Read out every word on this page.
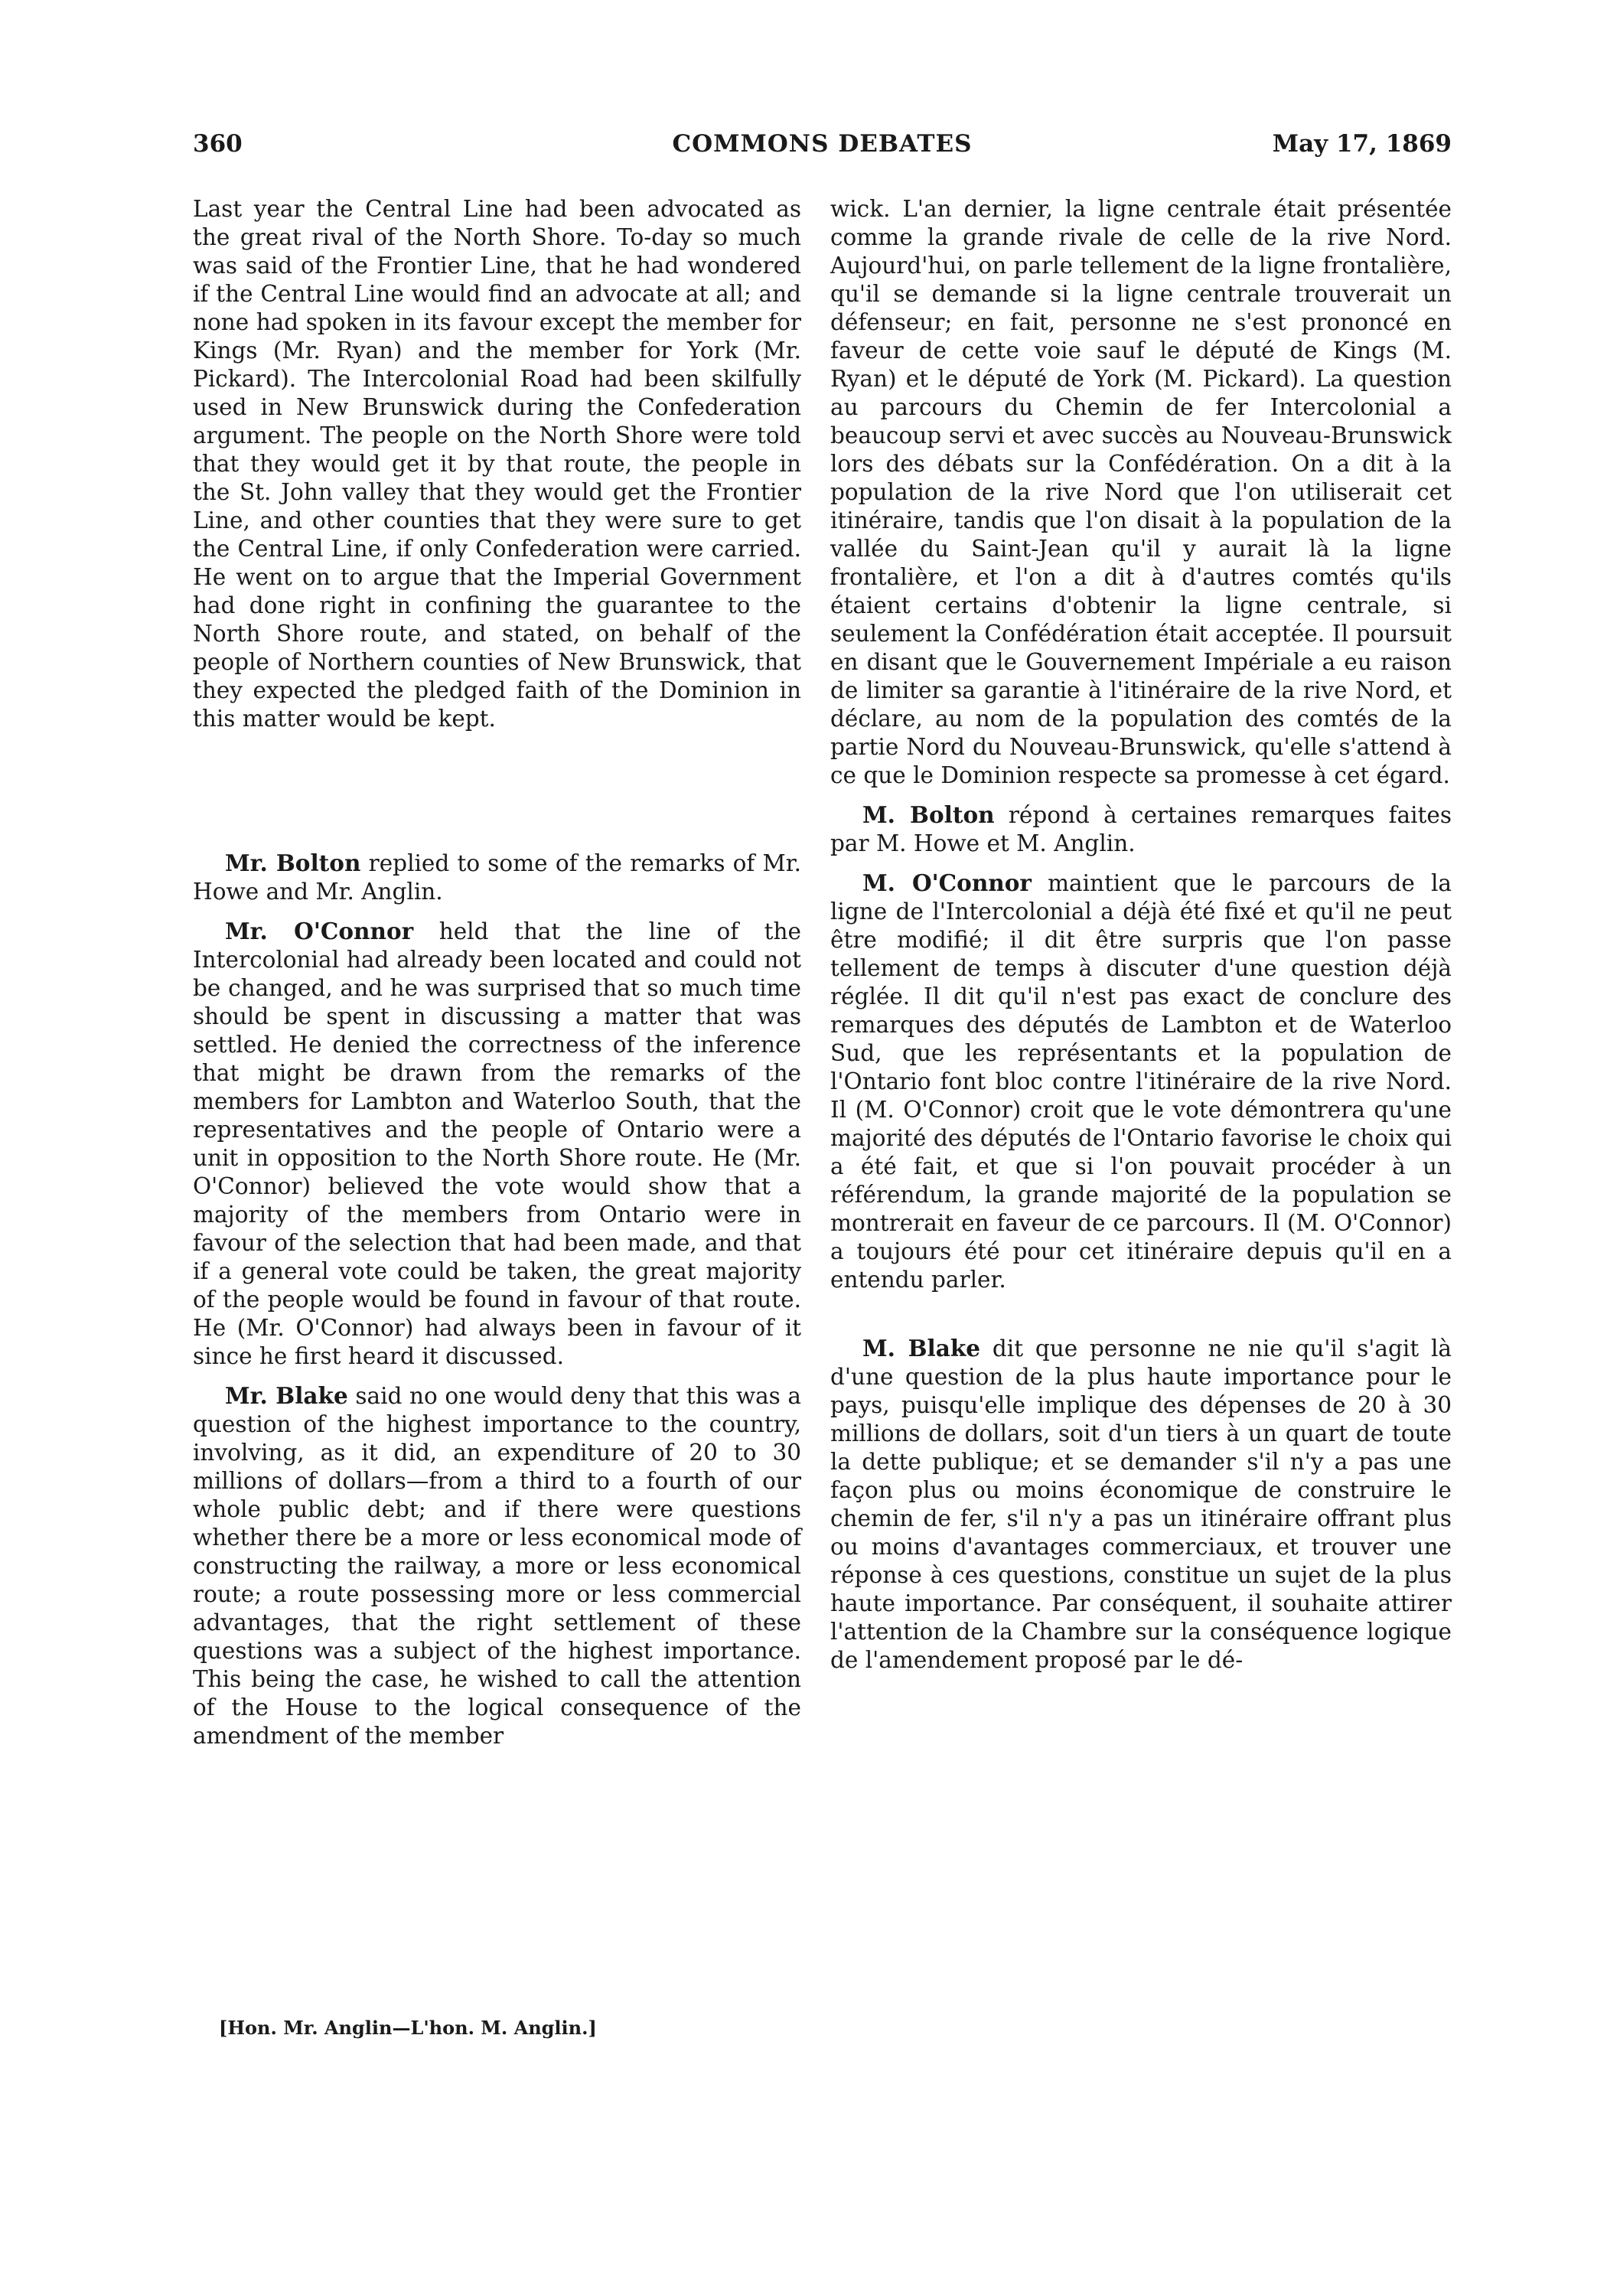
360	COMMONS DEBATES	May 17, 1869

Last year the Central Line had been advocated as the great rival of the North Shore. To-day so much was said of the Frontier Line, that he had wondered if the Central Line would find an advocate at all; and none had spoken in its favour except the member for Kings (Mr. Ryan) and the member for York (Mr. Pickard). The Intercolonial Road had been skilfully used in New Brunswick during the Confederation argument. The people on the North Shore were told that they would get it by that route, the people in the St. John valley that they would get the Frontier Line, and other counties that they were sure to get the Central Line, if only Confederation were carried. He went on to argue that the Imperial Government had done right in confining the guarantee to the North Shore route, and stated, on behalf of the people of Northern counties of New Brunswick, that they expected the pledged faith of the Dominion in this matter would be kept.

Mr. Bolton replied to some of the remarks of Mr. Howe and Mr. Anglin.

Mr. O'Connor held that the line of the Intercolonial had already been located and could not be changed, and he was surprised that so much time should be spent in discussing a matter that was settled. He denied the correctness of the inference that might be drawn from the remarks of the members for Lambton and Waterloo South, that the representatives and the people of Ontario were a unit in opposition to the North Shore route. He (Mr. O'Connor) believed the vote would show that a majority of the members from Ontario were in favour of the selection that had been made, and that if a general vote could be taken, the great majority of the people would be found in favour of that route. He (Mr. O'Connor) had always been in favour of it since he first heard it discussed.

Mr. Blake said no one would deny that this was a question of the highest importance to the country, involving, as it did, an expenditure of 20 to 30 millions of dollars—from a third to a fourth of our whole public debt; and if there were questions whether there be a more or less economical mode of constructing the railway, a more or less economical route; a route possessing more or less commercial advantages, that the right settlement of these questions was a subject of the highest importance. This being the case, he wished to call the attention of the House to the logical consequence of the amendment of the member

wick. L'an dernier, la ligne centrale était présentée comme la grande rivale de celle de la rive Nord. Aujourd'hui, on parle tellement de la ligne frontalière, qu'il se demande si la ligne centrale trouverait un défenseur; en fait, personne ne s'est prononcé en faveur de cette voie sauf le député de Kings (M. Ryan) et le député de York (M. Pickard). La question au parcours du Chemin de fer Intercolonial a beaucoup servi et avec succès au Nouveau-Brunswick lors des débats sur la Confédération. On a dit à la population de la rive Nord que l'on utiliserait cet itinéraire, tandis que l'on disait à la population de la vallée du Saint-Jean qu'il y aurait là la ligne frontalière, et l'on a dit à d'autres comtés qu'ils étaient certains d'obtenir la ligne centrale, si seulement la Confédération était acceptée. Il poursuit en disant que le Gouvernement Impériale a eu raison de limiter sa garantie à l'itinéraire de la rive Nord, et déclare, au nom de la population des comtés de la partie Nord du Nouveau-Brunswick, qu'elle s'attend à ce que le Dominion respecte sa promesse à cet égard.

M. Bolton répond à certaines remarques faites par M. Howe et M. Anglin.

M. O'Connor maintient que le parcours de la ligne de l'Intercolonial a déjà été fixé et qu'il ne peut être modifié; il dit être surpris que l'on passe tellement de temps à discuter d'une question déjà réglée. Il dit qu'il n'est pas exact de conclure des remarques des députés de Lambton et de Waterloo Sud, que les représentants et la population de l'Ontario font bloc contre l'itinéraire de la rive Nord. Il (M. O'Connor) croit que le vote démontrera qu'une majorité des députés de l'Ontario favorise le choix qui a été fait, et que si l'on pouvait procéder à un référendum, la grande majorité de la population se montrerait en faveur de ce parcours. Il (M. O'Connor) a toujours été pour cet itinéraire depuis qu'il en a entendu parler.

M. Blake dit que personne ne nie qu'il s'agit là d'une question de la plus haute importance pour le pays, puisqu'elle implique des dépenses de 20 à 30 millions de dollars, soit d'un tiers à un quart de toute la dette publique; et se demander s'il n'y a pas une façon plus ou moins économique de construire le chemin de fer, s'il n'y a pas un itinéraire offrant plus ou moins d'avantages commerciaux, et trouver une réponse à ces questions, constitue un sujet de la plus haute importance. Par conséquent, il souhaite attirer l'attention de la Chambre sur la conséquence logique de l'amendement proposé par le dé-

[Hon. Mr. Anglin—L'hon. M. Anglin.]
